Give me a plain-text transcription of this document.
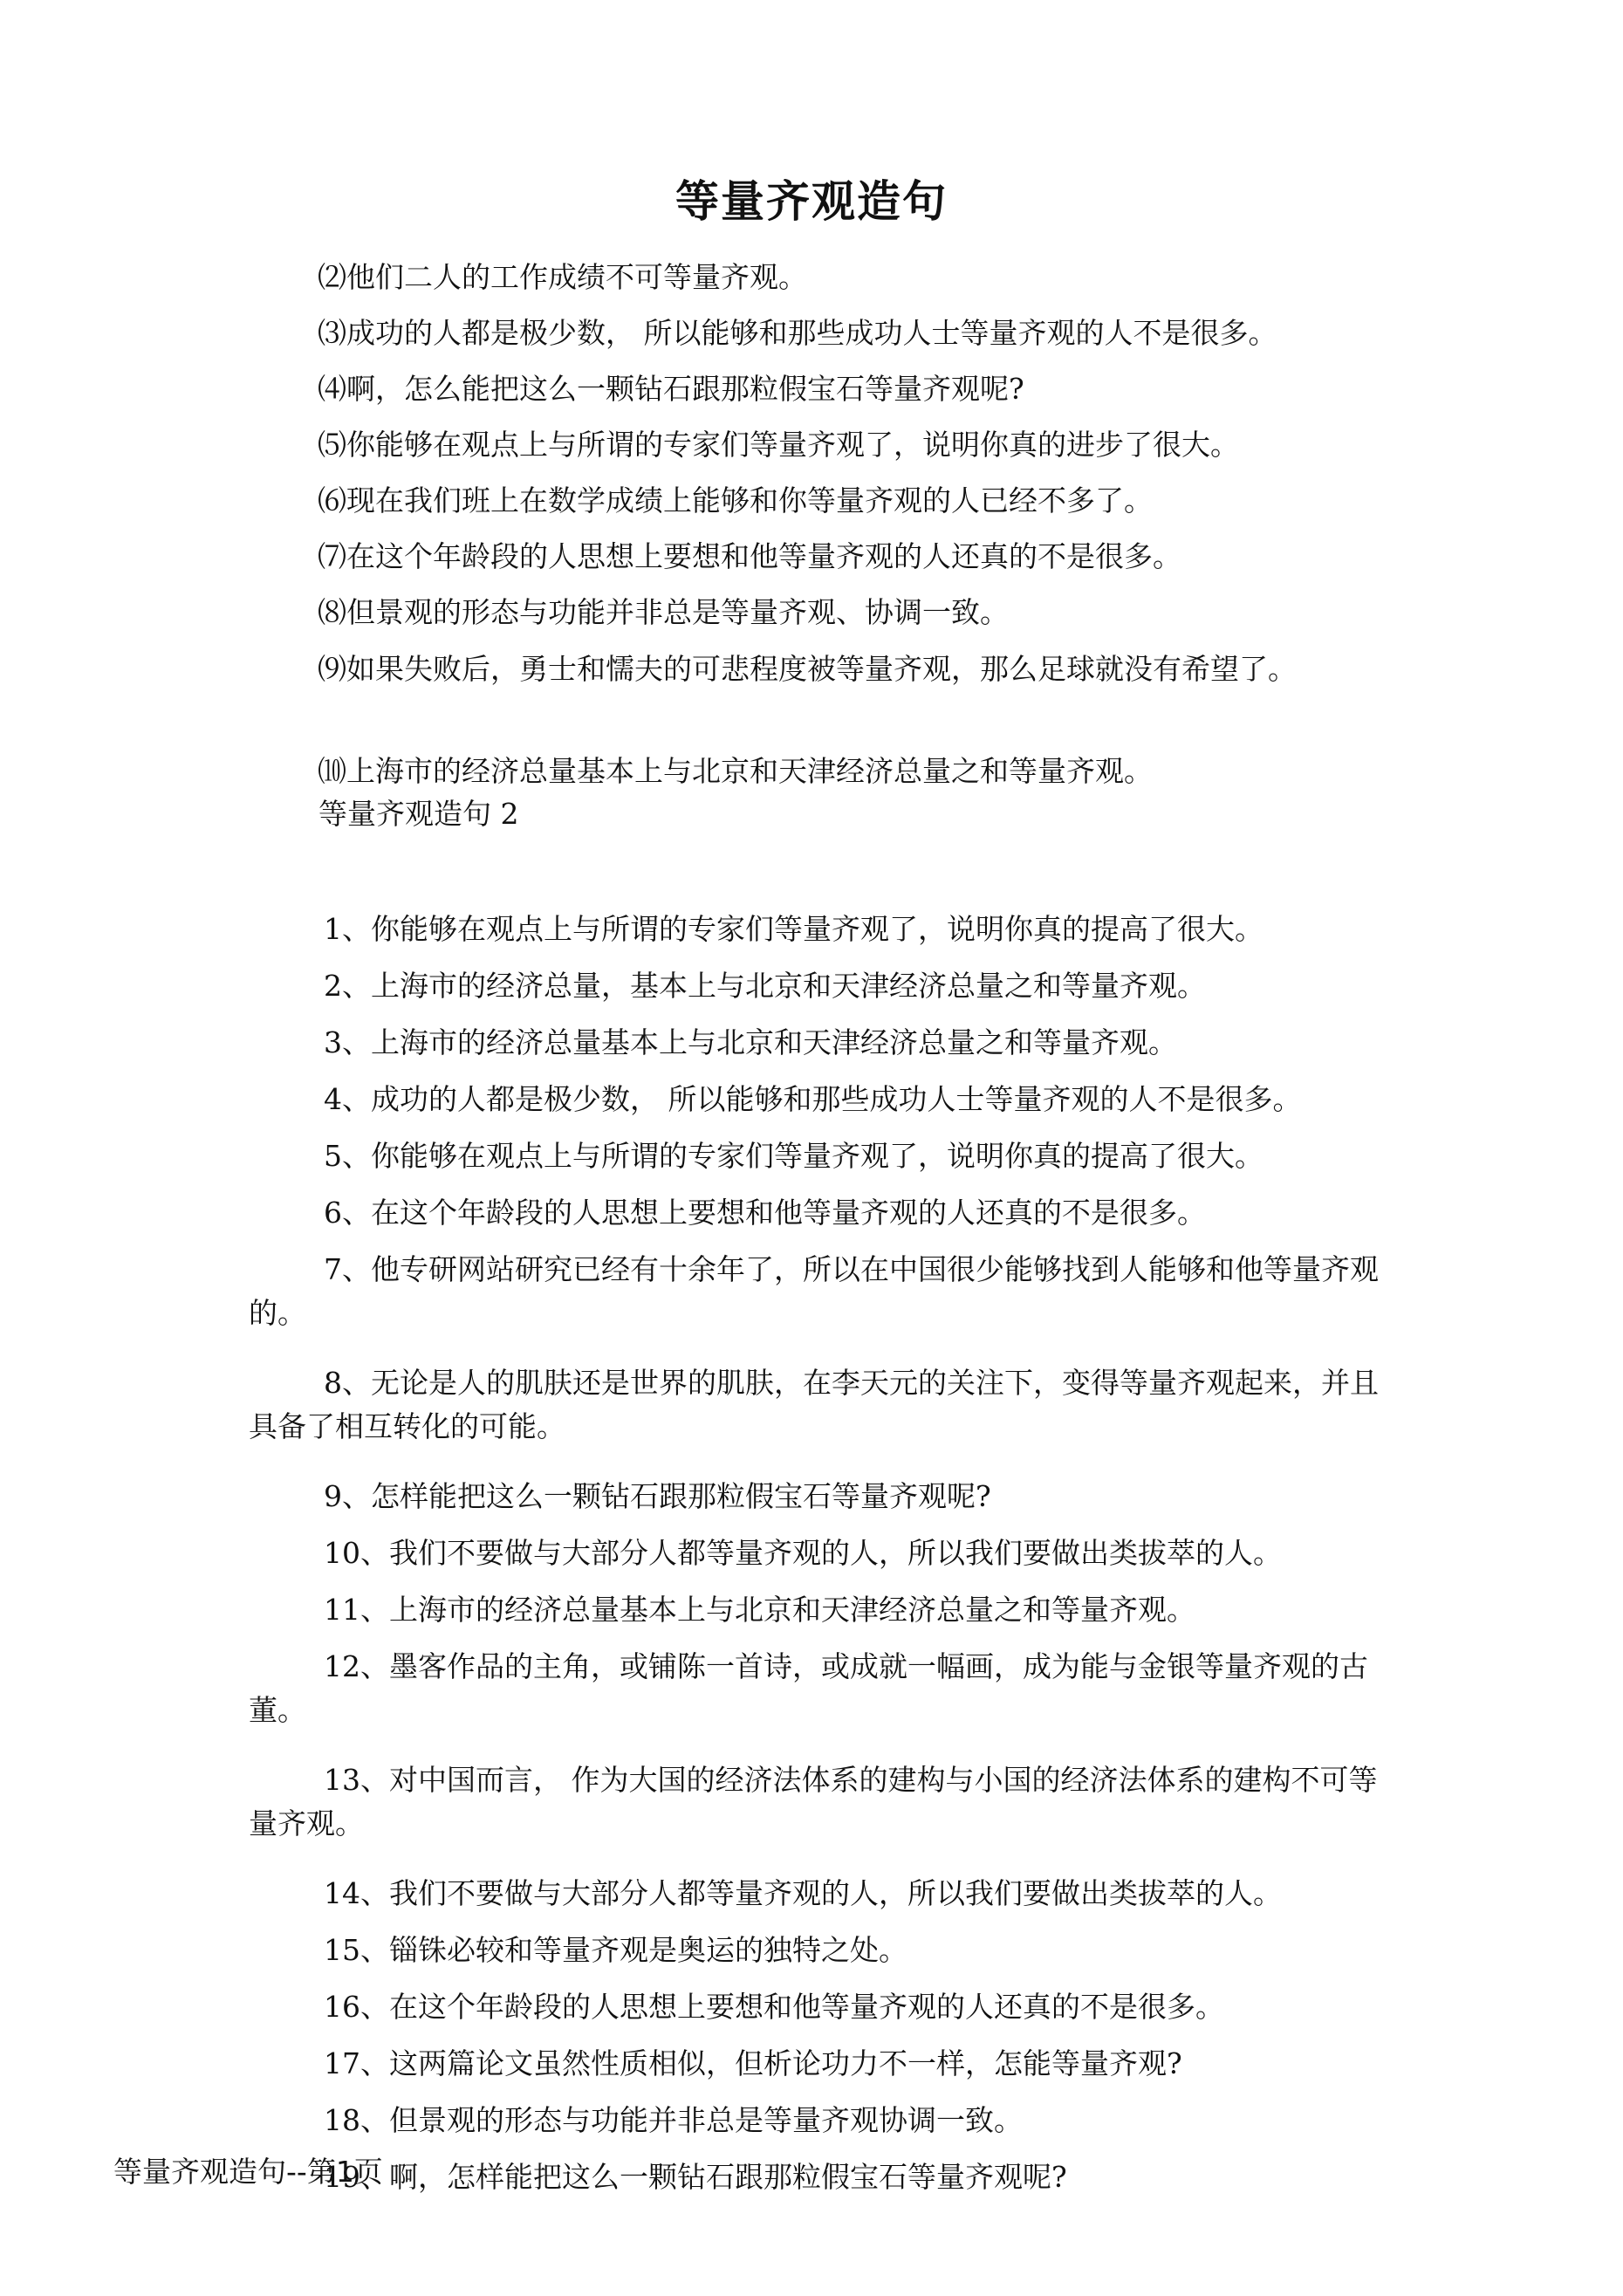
等量齐观造句

⑵他们二人的工作成绩不可等量齐观。

⑶成功的人都是极少数， 所以能够和那些成功人士等量齐观的人不是很多。

⑷啊，怎么能把这么一颗钻石跟那粒假宝石等量齐观呢?

⑸你能够在观点上与所谓的专家们等量齐观了，说明你真的进步了很大。

⑹现在我们班上在数学成绩上能够和你等量齐观的人已经不多了。

⑺在这个年龄段的人思想上要想和他等量齐观的人还真的不是很多。

⑻但景观的形态与功能并非总是等量齐观、协调一致。

⑼如果失败后，勇士和懦夫的可悲程度被等量齐观，那么足球就没有希望了。

⑽上海市的经济总量基本上与北京和天津经济总量之和等量齐观。

等量齐观造句 2

1、你能够在观点上与所谓的专家们等量齐观了，说明你真的提高了很大。

2、上海市的经济总量，基本上与北京和天津经济总量之和等量齐观。

3、上海市的经济总量基本上与北京和天津经济总量之和等量齐观。

4、成功的人都是极少数， 所以能够和那些成功人士等量齐观的人不是很多。

5、你能够在观点上与所谓的专家们等量齐观了，说明你真的提高了很大。

6、在这个年龄段的人思想上要想和他等量齐观的人还真的不是很多。

7、他专研网站研究已经有十余年了，所以在中国很少能够找到人能够和他等量齐观的。

8、无论是人的肌肤还是世界的肌肤，在李天元的关注下，变得等量齐观起来，并且具备了相互转化的可能。

9、怎样能把这么一颗钻石跟那粒假宝石等量齐观呢?

10、我们不要做与大部分人都等量齐观的人，所以我们要做出类拔萃的人。

11、上海市的经济总量基本上与北京和天津经济总量之和等量齐观。

12、墨客作品的主角，或铺陈一首诗，或成就一幅画，成为能与金银等量齐观的古董。

13、对中国而言， 作为大国的经济法体系的建构与小国的经济法体系的建构不可等量齐观。

14、我们不要做与大部分人都等量齐观的人，所以我们要做出类拔萃的人。

15、锱铢必较和等量齐观是奥运的独特之处。

16、在这个年龄段的人思想上要想和他等量齐观的人还真的不是很多。

17、这两篇论文虽然性质相似，但析论功力不一样，怎能等量齐观?

18、但景观的形态与功能并非总是等量齐观协调一致。

19、啊，怎样能把这么一颗钻石跟那粒假宝石等量齐观呢?

等量齐观造句--第1页
